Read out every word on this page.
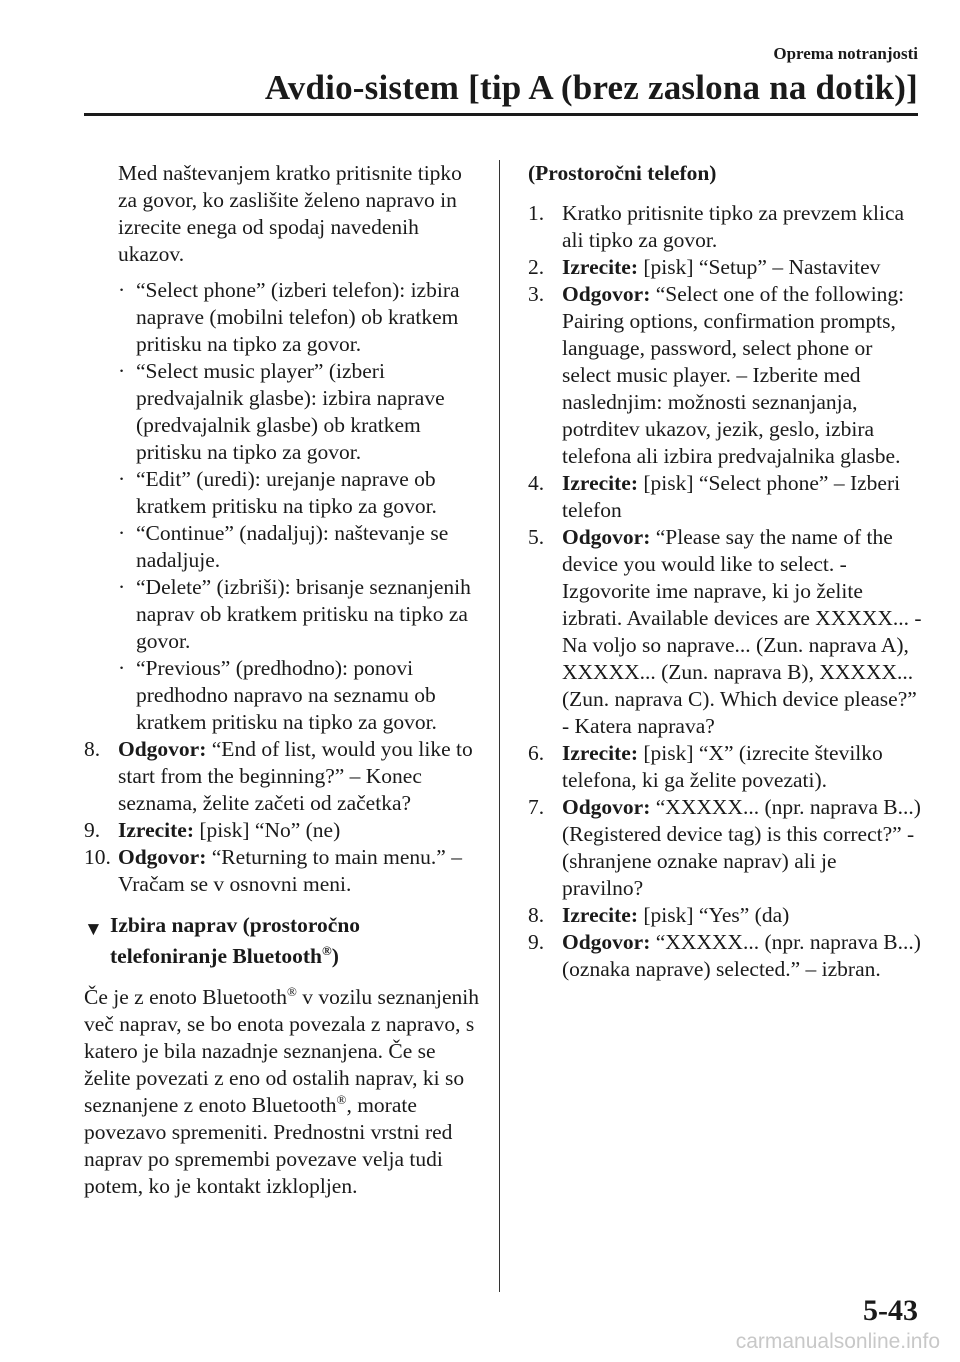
Oprema notranjosti
Avdio-sistem [tip A (brez zaslona na dotik)]

Med naštevanjem kratko pritisnite tipko za govor, ko zaslišite želeno napravo in izrecite enega od spodaj navedenih ukazov.

· “Select phone” (izberi telefon): izbira naprave (mobilni telefon) ob kratkem pritisku na tipko za govor.
· “Select music player” (izberi predvajalnik glasbe): izbira naprave (predvajalnik glasbe) ob kratkem pritisku na tipko za govor.
· “Edit” (uredi): urejanje naprave ob kratkem pritisku na tipko za govor.
· “Continue” (nadaljuj): naštevanje se nadaljuje.
· “Delete” (izbriši): brisanje seznanjenih naprav ob kratkem pritisku na tipko za govor.
· “Previous” (predhodno): ponovi predhodno napravo na seznamu ob kratkem pritisku na tipko za govor.
8. Odgovor: “End of list, would you like to start from the beginning?” – Konec seznama, želite začeti od začetka?
9. Izrecite: [pisk] “No” (ne)
10. Odgovor: “Returning to main menu.” – Vračam se v osnovni meni.
▼ Izbira naprav (prostoročno telefoniranje Bluetooth®)

Če je z enoto Bluetooth® v vozilu seznanjenih več naprav, se bo enota povezala z napravo, s katero je bila nazadnje seznanjena. Če se želite povezati z eno od ostalih naprav, ki so seznanjene z enoto Bluetooth®, morate povezavo spremeniti. Prednostni vrstni red naprav po spremembi povezave velja tudi potem, ko je kontakt izklopljen.

(Prostoročni telefon)

1. Kratko pritisnite tipko za prevzem klica ali tipko za govor.
2. Izrecite: [pisk] “Setup” – Nastavitev
3. Odgovor: “Select one of the following: Pairing options, confirmation prompts, language, password, select phone or select music player. – Izberite med naslednjim: možnosti seznanjanja, potrditev ukazov, jezik, geslo, izbira telefona ali izbira predvajalnika glasbe.
4. Izrecite: [pisk] “Select phone” – Izberi telefon
5. Odgovor: “Please say the name of the device you would like to select. - Izgovorite ime naprave, ki jo želite izbrati. Available devices are XXXXX... - Na voljo so naprave... (Zun. naprava A), XXXXX... (Zun. naprava B), XXXXX... (Zun. naprava C). Which device please?” - Katera naprava?
6. Izrecite: [pisk] “X” (izrecite številko telefona, ki ga želite povezati).
7. Odgovor: “XXXXX... (npr. naprava B...) (Registered device tag) is this correct?” - (shranjene oznake naprav) ali je pravilno?
8. Izrecite: [pisk] “Yes” (da)
9. Odgovor: “XXXXX... (npr. naprava B...) (oznaka naprave) selected.” – izbran.
5-43
carmanualsonline.info
